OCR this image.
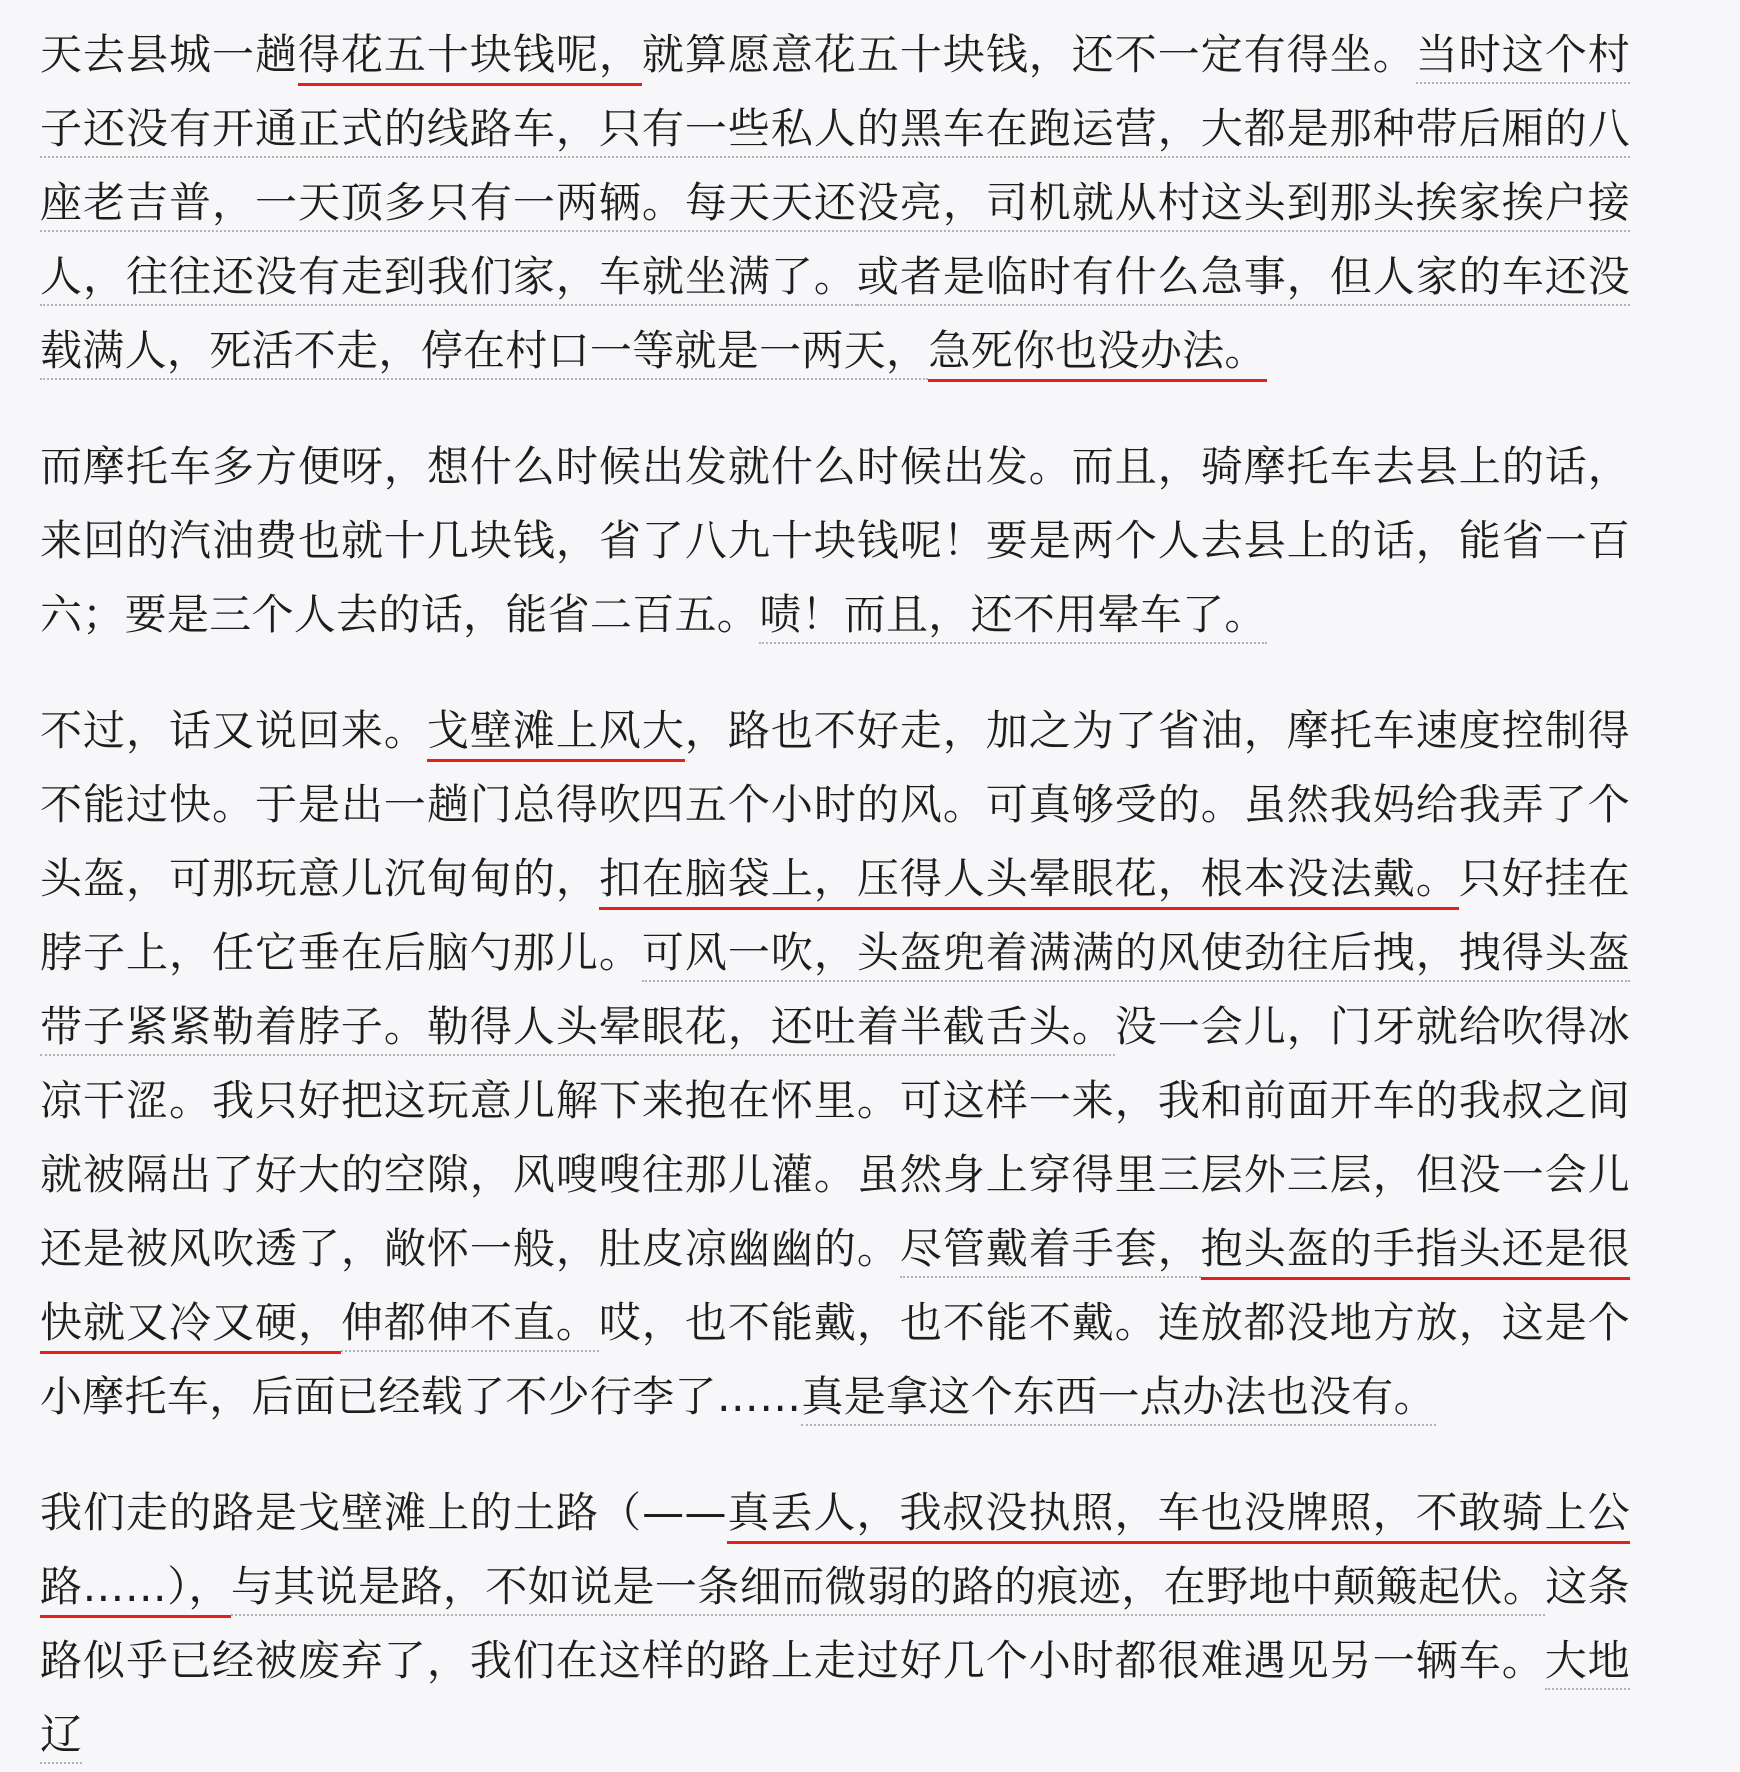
天去县城一趟得花五十块钱呢，就算愿意花五十块钱，还不一定有得坐。当时这个村子还没有开通正式的线路车，只有一些私人的黑车在跑运营，大都是那种带后厢的八座老吉普，一天顶多只有一两辆。每天天还没亮，司机就从村这头到那头挨家挨户接人，往往还没有走到我们家，车就坐满了。或者是临时有什么急事，但人家的车还没载满人，死活不走，停在村口一等就是一两天，急死你也没办法。

而摩托车多方便呀，想什么时候出发就什么时候出发。而且，骑摩托车去县上的话，来回的汽油费也就十几块钱，省了八九十块钱呢！要是两个人去县上的话，能省一百六；要是三个人去的话，能省二百五。啧！而且，还不用晕车了。

不过，话又说回来。戈壁滩上风大，路也不好走，加之为了省油，摩托车速度控制得不能过快。于是出一趟门总得吹四五个小时的风。可真够受的。虽然我妈给我弄了个头盔，可那玩意儿沉甸甸的，扣在脑袋上，压得人头晕眼花，根本没法戴。只好挂在脖子上，任它垂在后脑勺那儿。可风一吹，头盔兜着满满的风使劲往后拽，拽得头盔带子紧紧勒着脖子。勒得人头晕眼花，还吐着半截舌头。没一会儿，门牙就给吹得冰凉干涩。我只好把这玩意儿解下来抱在怀里。可这样一来，我和前面开车的我叔之间就被隔出了好大的空隙，风嗖嗖往那儿灌。虽然身上穿得里三层外三层，但没一会儿还是被风吹透了，敞怀一般，肚皮凉幽幽的。尽管戴着手套，抱头盔的手指头还是很快就又冷又硬，伸都伸不直。哎，也不能戴，也不能不戴。连放都没地方放，这是个小摩托车，后面已经载了不少行李了……真是拿这个东西一点办法也没有。

我们走的路是戈壁滩上的土路（——真丢人，我叔没执照，车也没牌照，不敢骑上公路……），与其说是路，不如说是一条细而微弱的路的痕迹，在野地中颠簸起伏。这条路似乎已经被废弃了，我们在这样的路上走过好几个小时都很难遇见另一辆车。大地辽
